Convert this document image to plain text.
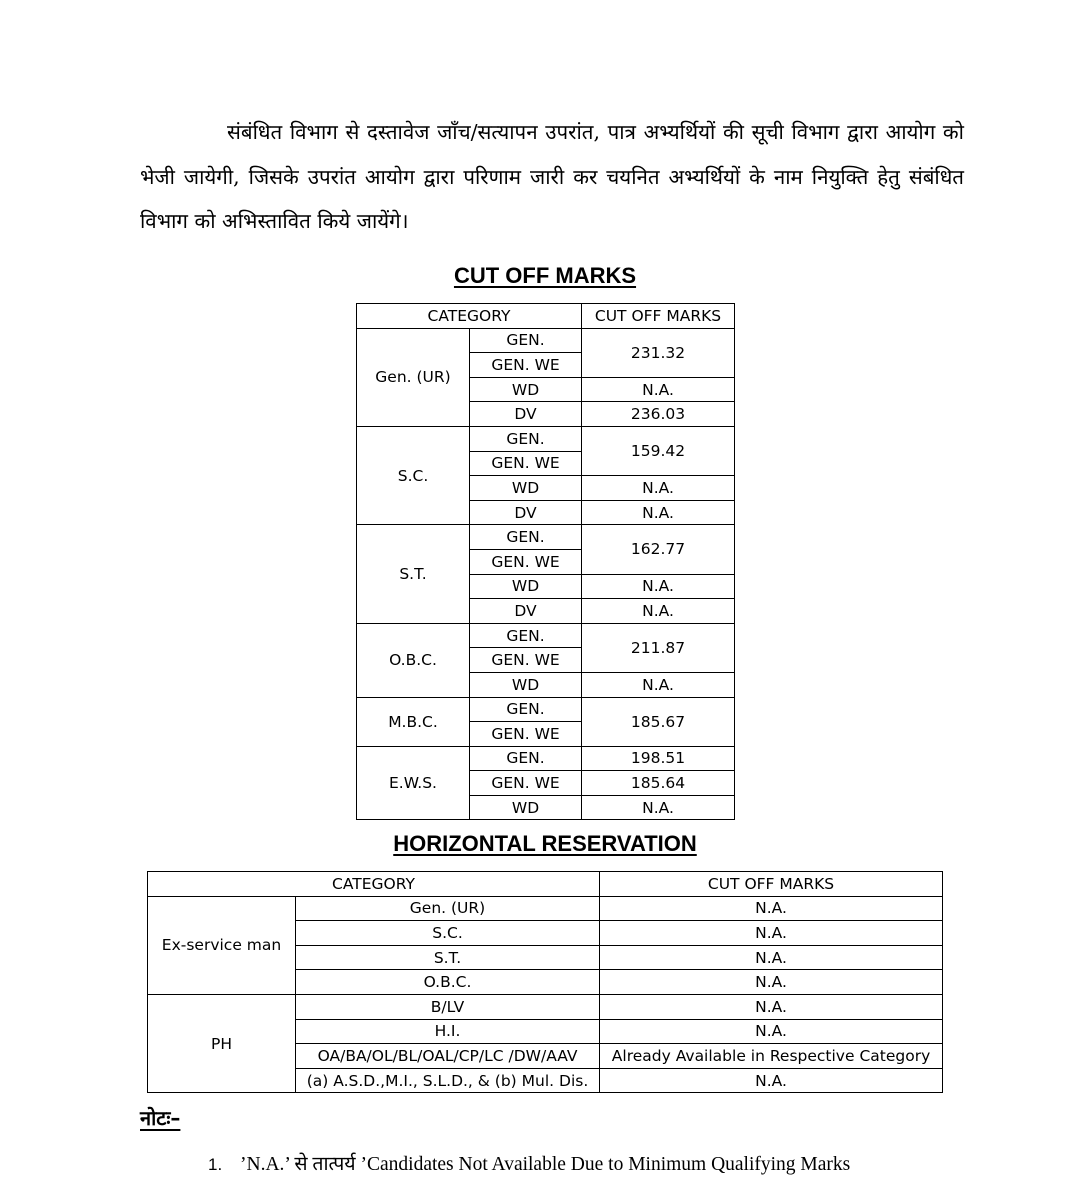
संबंधित विभाग से दस्तावेज जाँच/सत्यापन उपरांत, पात्र अभ्यर्थियों की सूची विभाग द्वारा आयोग को भेजी जायेगी, जिसके उपरांत आयोग द्वारा परिणाम जारी कर चयनित अभ्यर्थियों के नाम नियुक्ति हेतु संबंधित विभाग को अभिस्तावित किये जायेंगे।

CUT OFF MARKS
CATEGORY		CUT OFF MARKS
Gen. (UR)	GEN.	231.32
	GEN. WE	
	WD	N.A.
	DV	236.03
S.C.	GEN.	159.42
	GEN. WE	
	WD	N.A.
	DV	N.A.
S.T.	GEN.	162.77
	GEN. WE	
	WD	N.A.
	DV	N.A.
O.B.C.	GEN.	211.87
	GEN. WE	
	WD	N.A.
M.B.C.	GEN.	185.67
	GEN. WE	
E.W.S.	GEN.	198.51
	GEN. WE	185.64
	WD	N.A.
HORIZONTAL RESERVATION
CATEGORY		CUT OFF MARKS
Ex-service man	Gen. (UR)	N.A.
	S.C.	N.A.
	S.T.	N.A.
	O.B.C.	N.A.
PH	B/LV	N.A.
	H.I.	N.A.
	OA/BA/OL/BL/OAL/CP/LC /DW/AAV	Already Available in Respective Category
	(a) A.S.D.,M.I., S.L.D., & (b) Mul. Dis.	N.A.

नोटः–

1. ’N.A.’ से तात्पर्य ’Candidates Not Available Due to Minimum Qualifying Marks
